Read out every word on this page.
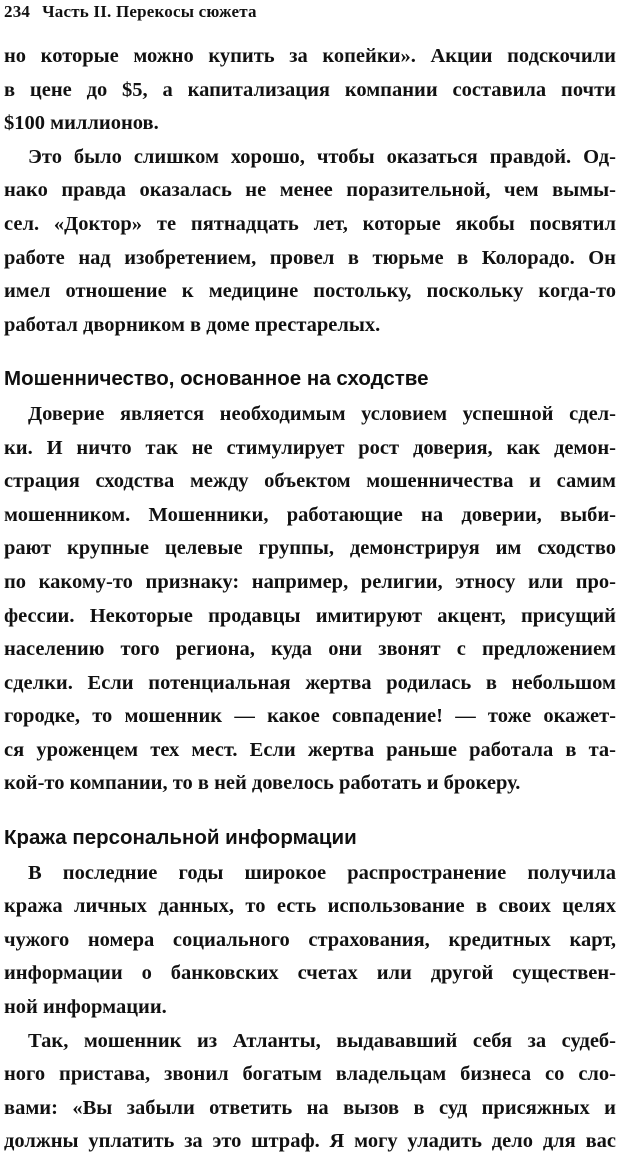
234 Часть II. Перекосы сюжета
но которые можно купить за копейки». Акции подскочили
в цене до $5, а капитализация компании составила почти
$100 миллионов.
Это было слишком хорошо, чтобы оказаться правдой. Од-
нако правда оказалась не менее поразительной, чем вымы-
сел. «Доктор» те пятнадцать лет, которые якобы посвятил
работе над изобретением, провел в тюрьме в Колорадо. Он
имел отношение к медицине постольку, поскольку когда-то
работал дворником в доме престарелых.
Мошенничество, основанное на сходстве
Доверие является необходимым условием успешной сдел-
ки. И ничто так не стимулирует рост доверия, как демон-
страция сходства между объектом мошенничества и самим
мошенником. Мошенники, работающие на доверии, выби-
рают крупные целевые группы, демонстрируя им сходство
по какому-то признаку: например, религии, этносу или про-
фессии. Некоторые продавцы имитируют акцент, присущий
населению того региона, куда они звонят с предложением
сделки. Если потенциальная жертва родилась в небольшом
городке, то мошенник — какое совпадение! — тоже окажет-
ся уроженцем тех мест. Если жертва раньше работала в та-
кой-то компании, то в ней довелось работать и брокеру.
Кража персональной информации
В последние годы широкое распространение получила
кража личных данных, то есть использование в своих целях
чужого номера социального страхования, кредитных карт,
информации о банковских счетах или другой существен-
ной информации.
Так, мошенник из Атланты, выдававший себя за судеб-
ного пристава, звонил богатым владельцам бизнеса со сло-
вами: «Вы забыли ответить на вызов в суд присяжных и
должны уплатить за это штраф. Я могу уладить дело для вас
